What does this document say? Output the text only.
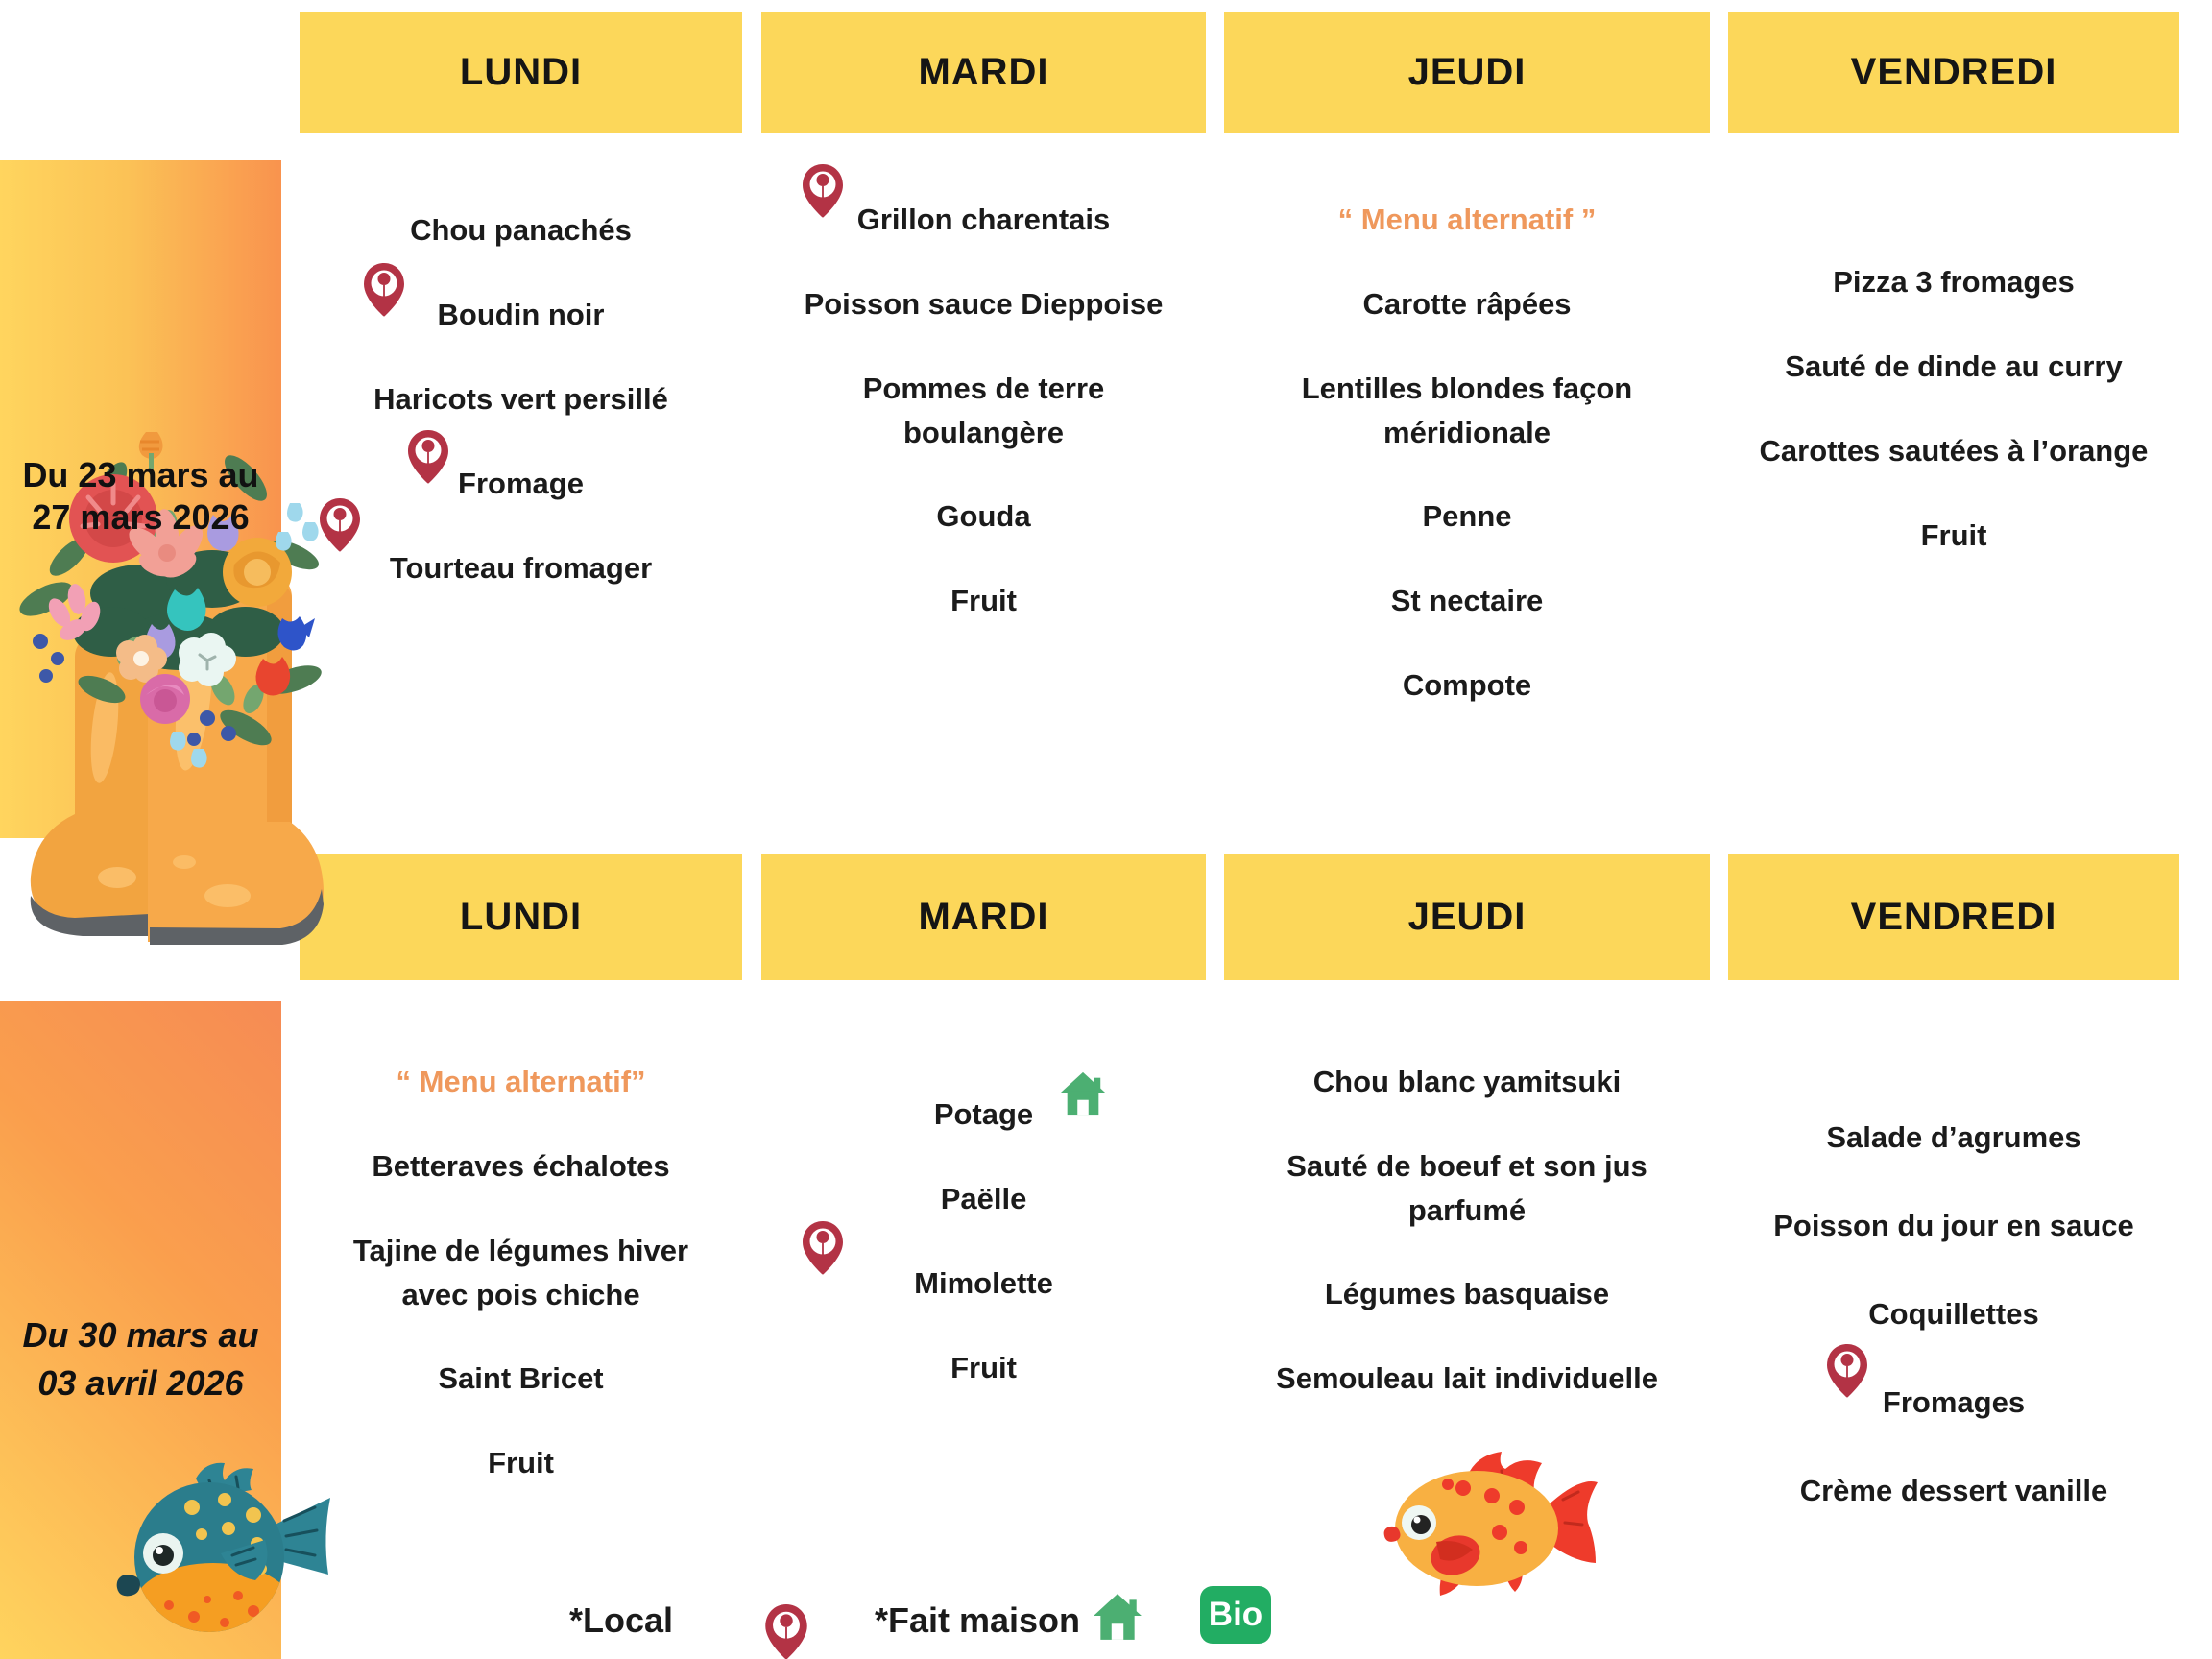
Du 23 mars au
27 mars 2026
Du 30 mars au
03 avril 2026
*Local	*Fait maison	Bio
LUNDI
Chou panachés
Boudin noir
Haricots vert persillé
Fromage
Tourteau fromager
MARDI
Grillon charentais
Poisson sauce Dieppoise
Pommes de terre
boulangère
Gouda
Fruit
JEUDI
“ Menu alternatif ”
Carotte râpées
Lentilles blondes façon
méridionale
Penne
St nectaire
Compote
VENDREDI
Pizza 3 fromages
Sauté de dinde au curry
Carottes sautées à l’orange
Fruit
LUNDI
“ Menu alternatif”
Betteraves échalotes
Tajine de légumes hiver
avec pois chiche
Saint Bricet
Fruit
MARDI
Potage
Paëlle
Mimolette
Fruit
JEUDI
Chou blanc yamitsuki
Sauté de boeuf et son jus
parfumé
Légumes basquaise
Semouleau lait individuelle
VENDREDI
Salade d’agrumes
Poisson du jour en sauce
Coquillettes
Fromages
Crème dessert vanille
